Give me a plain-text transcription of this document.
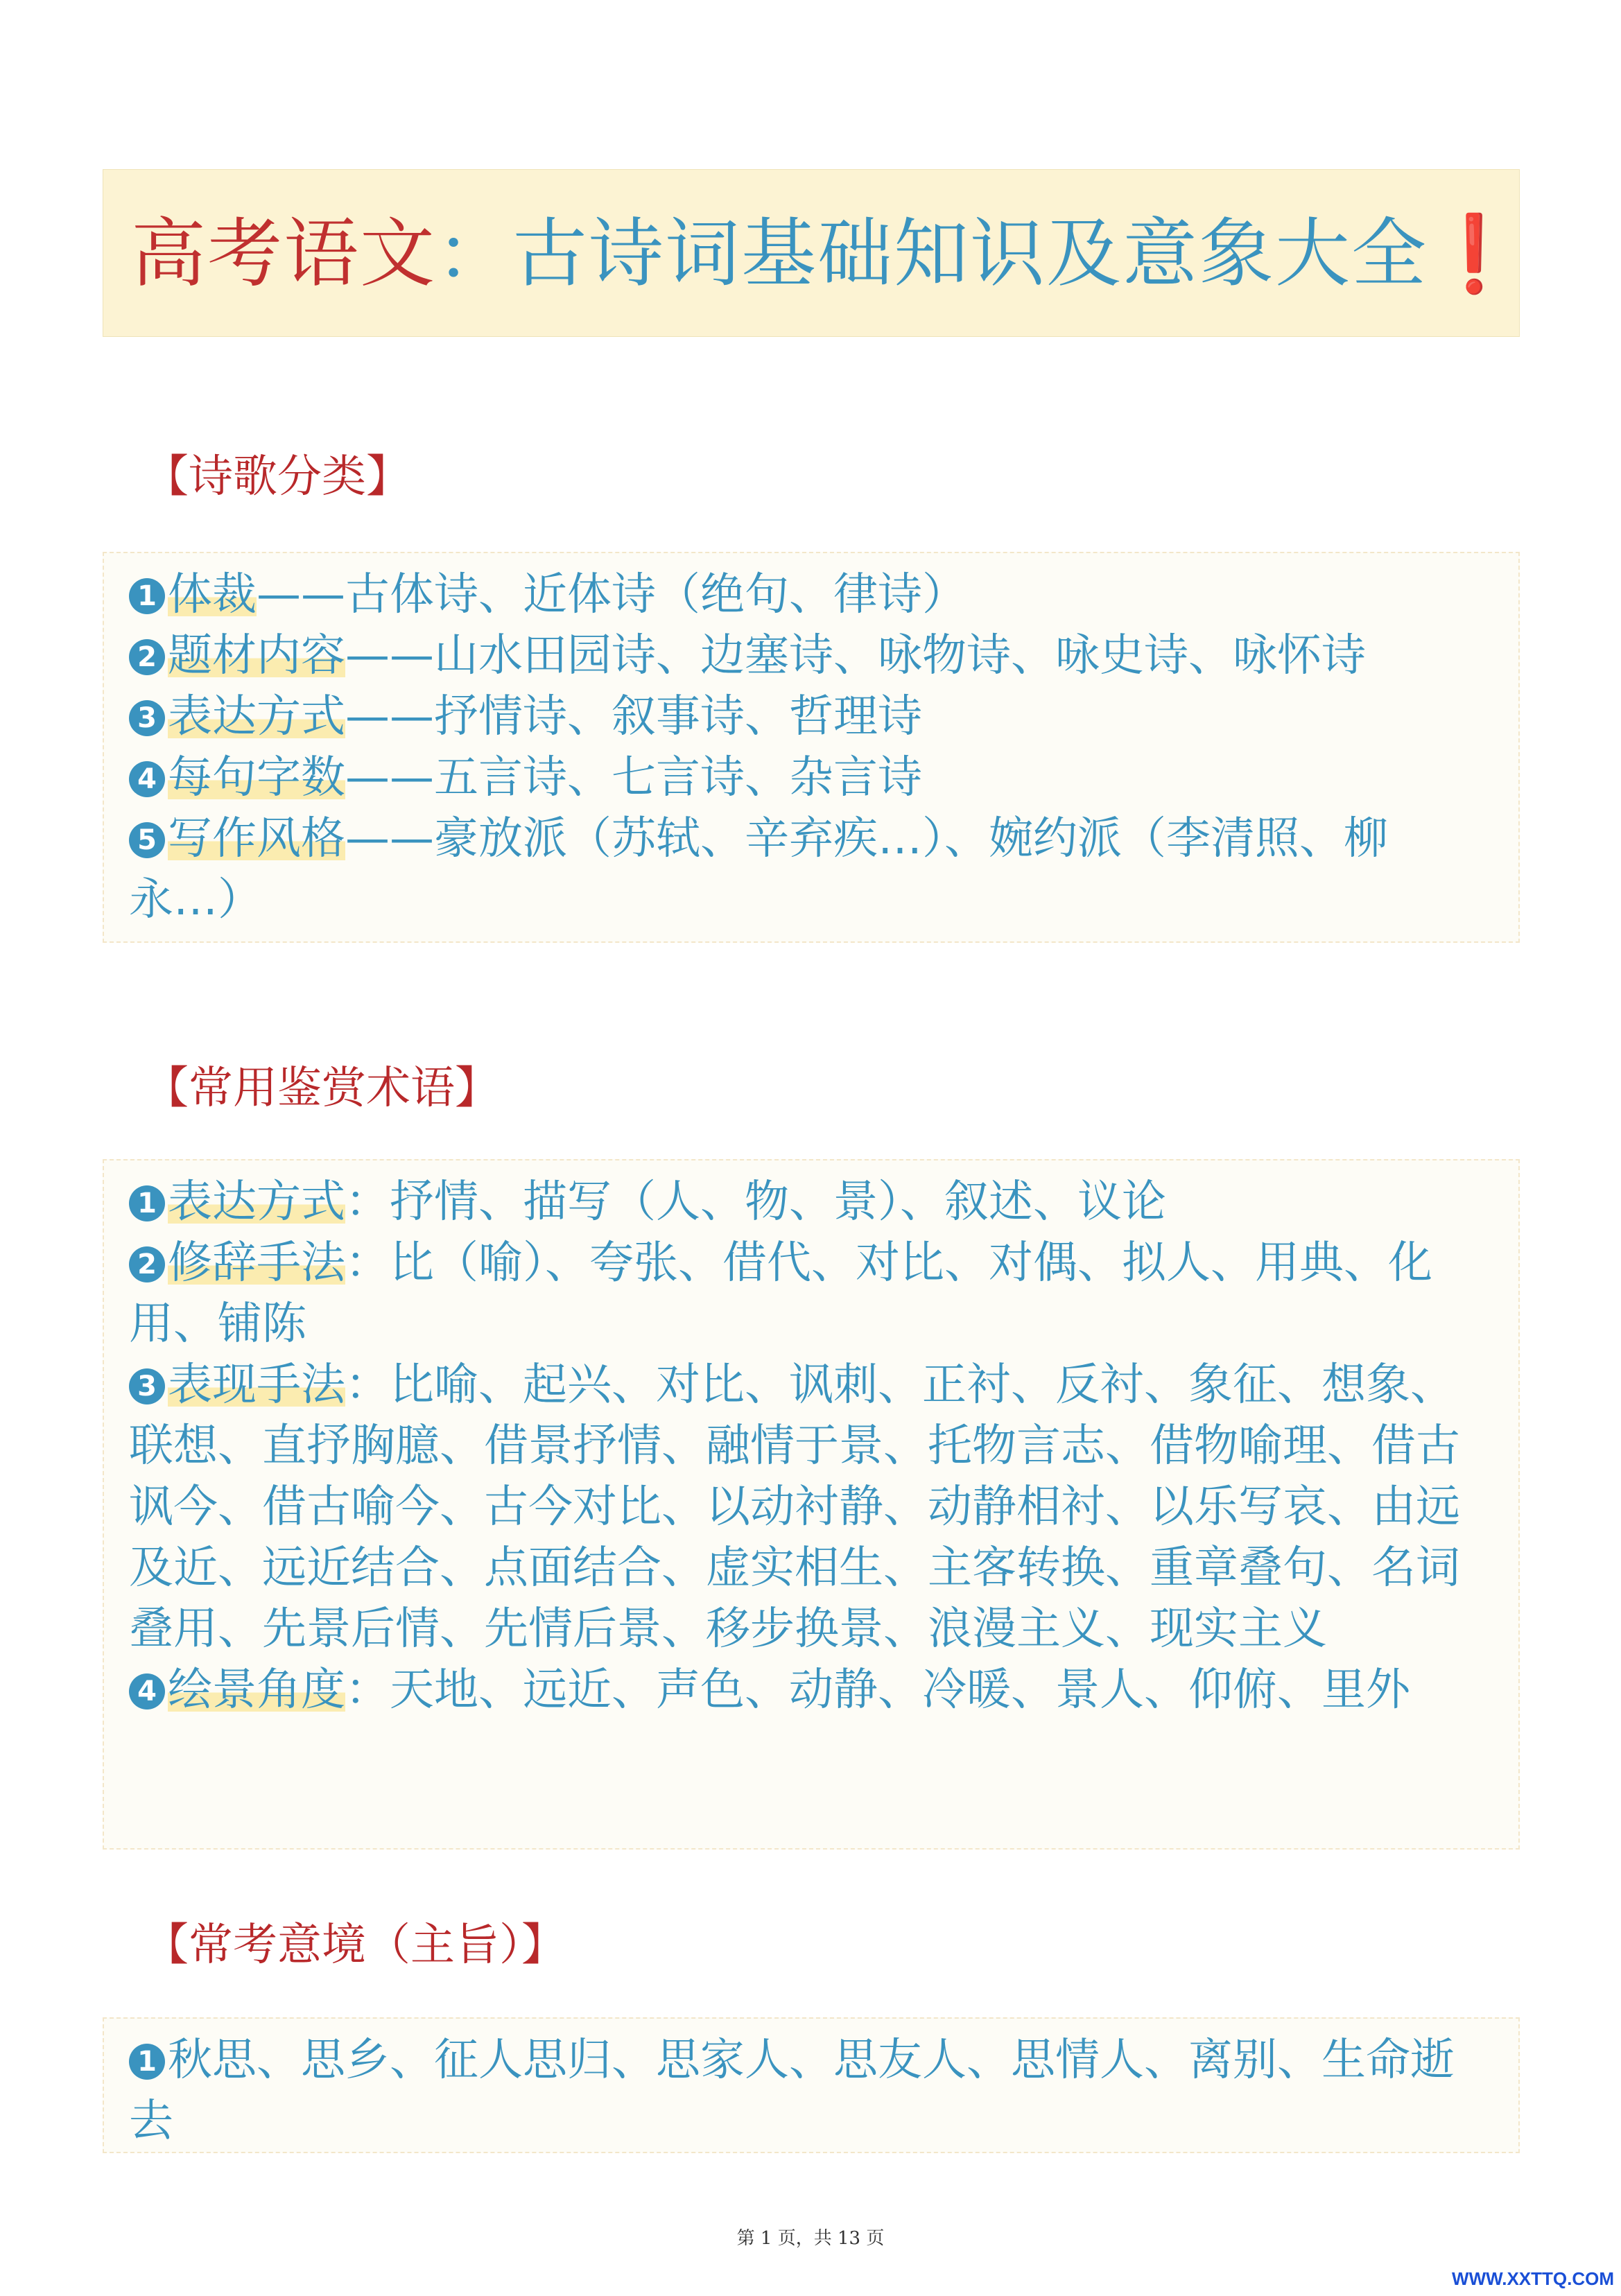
高考语文：古诗词基础知识及意象大全❗
【诗歌分类】
1 体裁——古体诗、近体诗（绝句、律诗）
2 题材内容——山水田园诗、边塞诗、咏物诗、咏史诗、咏怀诗
3 表达方式——抒情诗、叙事诗、哲理诗
4 每句字数——五言诗、七言诗、杂言诗
5 写作风格——豪放派（苏轼、辛弃疾…）、婉约派（李清照、柳永…）
【常用鉴赏术语】
1 表达方式：抒情、描写（人、物、景）、叙述、议论
2 修辞手法：比（喻）、夸张、借代、对比、对偶、拟人、用典、化用、铺陈
3 表现手法：比喻、起兴、对比、讽刺、正衬、反衬、象征、想象、联想、直抒胸臆、借景抒情、融情于景、托物言志、借物喻理、借古讽今、借古喻今、古今对比、以动衬静、动静相衬、以乐写哀、由远及近、远近结合、点面结合、虚实相生、主客转换、重章叠句、名词叠用、先景后情、先情后景、移步换景、浪漫主义、现实主义
4 绘景角度：天地、远近、声色、动静、冷暖、景人、仰俯、里外
【常考意境（主旨）】
1 秋思、思乡、征人思归、思家人、思友人、思情人、离别、生命逝去
第 1 页，共 13 页
WWW.XXTTQ.COM
